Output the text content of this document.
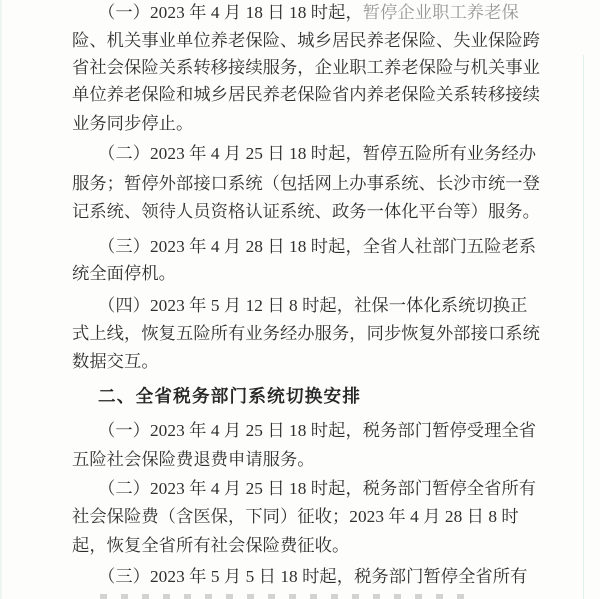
（一）2023 年 4 月 18 日 18 时起，暂停企业职工养老保
险、机关事业单位养老保险、城乡居民养老保险、失业保险跨
省社会保险关系转移接续服务，企业职工养老保险与机关事业
单位养老保险和城乡居民养老保险省内养老保险关系转移接续
业务同步停止。
（二）2023 年 4 月 25 日 18 时起，暂停五险所有业务经办
服务；暂停外部接口系统（包括网上办事系统、长沙市统一登
记系统、领待人员资格认证系统、政务一体化平台等）服务。
（三）2023 年 4 月 28 日 18 时起，全省人社部门五险老系
统全面停机。
（四）2023 年 5 月 12 日 8 时起，社保一体化系统切换正
式上线，恢复五险所有业务经办服务，同步恢复外部接口系统
数据交互。
二、全省税务部门系统切换安排
（一）2023 年 4 月 25 日 18 时起，税务部门暂停受理全省
五险社会保险费退费申请服务。
（二）2023 年 4 月 25 日 18 时起，税务部门暂停全省所有
社会保险费（含医保，下同）征收；2023 年 4 月 28 日 8 时
起，恢复全省所有社会保险费征收。
（三）2023 年 5 月 5 日 18 时起，税务部门暂停全省所有
